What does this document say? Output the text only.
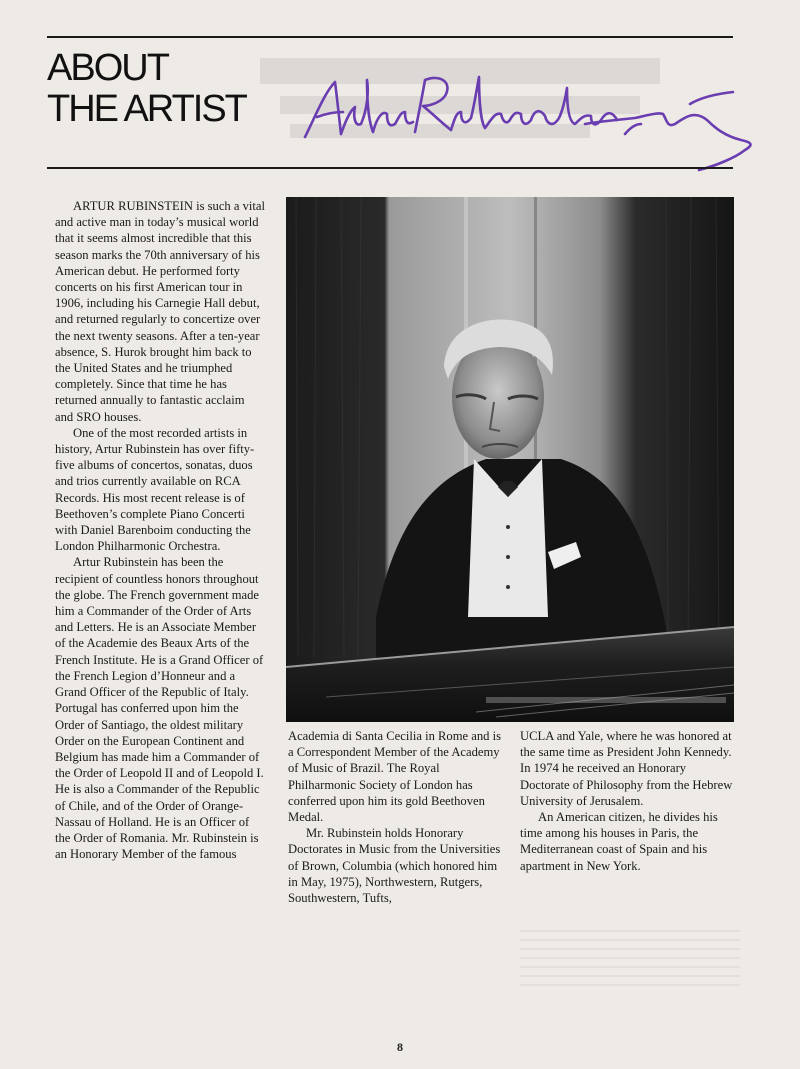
ABOUT
THE ARTIST

ARTUR RUBINSTEIN is such a vital and active man in today’s musical world that it seems almost incredible that this season marks the 70th anniversary of his American debut. He performed forty concerts on his first American tour in 1906, including his Carnegie Hall debut, and returned regularly to concertize over the next twenty seasons. After a ten-year absence, S. Hurok brought him back to the United States and he triumphed completely. Since that time he has returned annually to fantastic acclaim and SRO houses.

One of the most recorded artists in history, Artur Rubinstein has over fifty-five albums of concertos, sonatas, duos and trios currently available on RCA Records. His most recent release is of Beethoven’s complete Piano Concerti with Daniel Barenboim conducting the London Philharmonic Orchestra.

Artur Rubinstein has been the recipient of countless honors throughout the globe. The French government made him a Commander of the Order of Arts and Letters. He is an Associate Member of the Academie des Beaux Arts of the French Institute. He is a Grand Officer of the French Legion d’Honneur and a Grand Officer of the Republic of Italy. Portugal has conferred upon him the Order of Santiago, the oldest military Order on the European Continent and Belgium has made him a Commander of the Order of Leopold II and of Leopold I. He is also a Commander of the Republic of Chile, and of the Order of Orange-Nassau of Holland. He is an Officer of the Order of Romania. Mr. Rubinstein is an Honorary Member of the famous

Academia di Santa Cecilia in Rome and is a Correspondent Member of the Academy of Music of Brazil. The Royal Philharmonic Society of London has conferred upon him its gold Beethoven Medal.

Mr. Rubinstein holds Honorary Doctorates in Music from the Universities of Brown, Columbia (which honored him in May, 1975), Northwestern, Rutgers, Southwestern, Tufts,

UCLA and Yale, where he was honored at the same time as President John Kennedy. In 1974 he received an Honorary Doctorate of Philosophy from the Hebrew University of Jerusalem.

An American citizen, he divides his time among his houses in Paris, the Mediterranean coast of Spain and his apartment in New York.

8
